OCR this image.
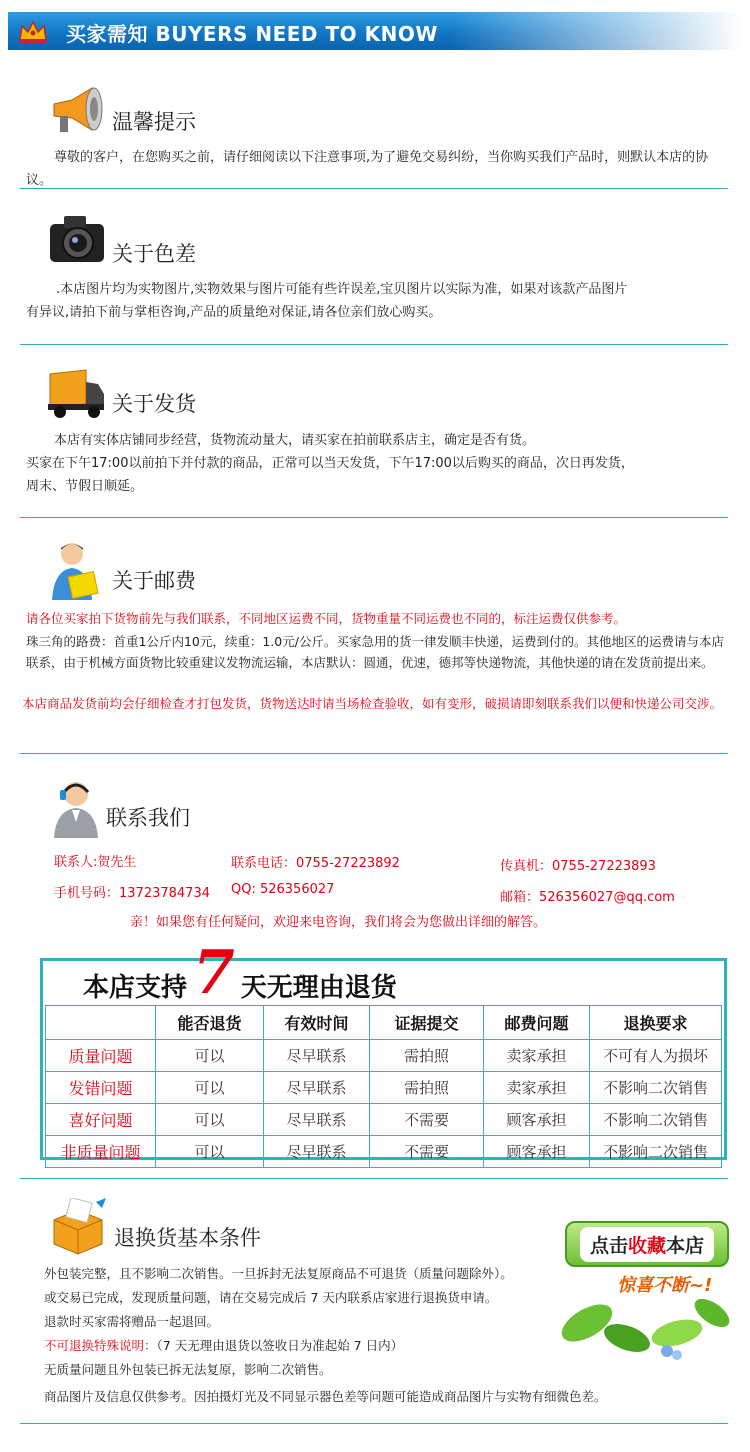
买家需知 BUYERS NEED TO KNOW
温馨提示
尊敬的客户，在您购买之前，请仔细阅读以下注意事项,为了避免交易纠纷，当你购买我们产品时，则默认本店的协议。
关于色差
.本店图片均为实物图片,实物效果与图片可能有些许误差,宝贝图片以实际为准，如果对该款产品图片
有异议,请拍下前与掌柜咨询,产品的质量绝对保证,请各位亲们放心购买。
关于发货
本店有实体店铺同步经营，货物流动量大，请买家在拍前联系店主，确定是否有货。
买家在下午17:00以前拍下并付款的商品，正常可以当天发货，下午17:00以后购买的商品，次日再发货，
周末、节假日顺延。
关于邮费
请各位买家拍下货物前先与我们联系，不同地区运费不同，货物重量不同运费也不同的，标注运费仅供参考。
珠三角的路费：首重1公斤内10元，续重：1.0元/公斤。买家急用的货一律发顺丰快递，运费到付的。其他地区的运费请与本店联系，由于机械方面货物比较重建议发物流运输，本店默认：圆通，优速，德邦等快递物流，其他快递的请在发货前提出来。
本店商品发货前均会仔细检查才打包发货，货物送达时请当场检查验收，如有变形，破损请即刻联系我们以便和快递公司交涉。
联系我们
联系人:贺先生	联系电话：0755-27223892	传真机：0755-27223893
手机号码：13723784734 QQ: 526356027
邮箱：526356027@qq.com
亲！如果您有任何疑问，欢迎来电咨询，我们将会为您做出详细的解答。
本店支持 7 天无理由退货
	能否退货	有效时间	证据提交	邮费问题	退换要求
质量问题	可以	尽早联系	需拍照	卖家承担	不可有人为损坏
发错问题	可以	尽早联系	需拍照	卖家承担	不影响二次销售
喜好问题	可以	尽早联系	不需要	顾客承担	不影响二次销售
非质量问题	可以	尽早联系	不需要	顾客承担	不影响二次销售
退换货基本条件
外包装完整，且不影响二次销售。一旦拆封无法复原商品不可退货（质量问题除外）。
或交易已完成，发现质量问题，请在交易完成后 7 天内联系店家进行退换货申请。
退款时买家需将赠品一起退回。
不可退换特殊说明：（7 天无理由退货以签收日为准起始 7 日内）
无质量问题且外包装已拆无法复原，影响二次销售。
商品图片及信息仅供参考。因拍摄灯光及不同显示器色差等问题可能造成商品图片与实物有细微色差。
点击收藏本店
惊喜不断~!
